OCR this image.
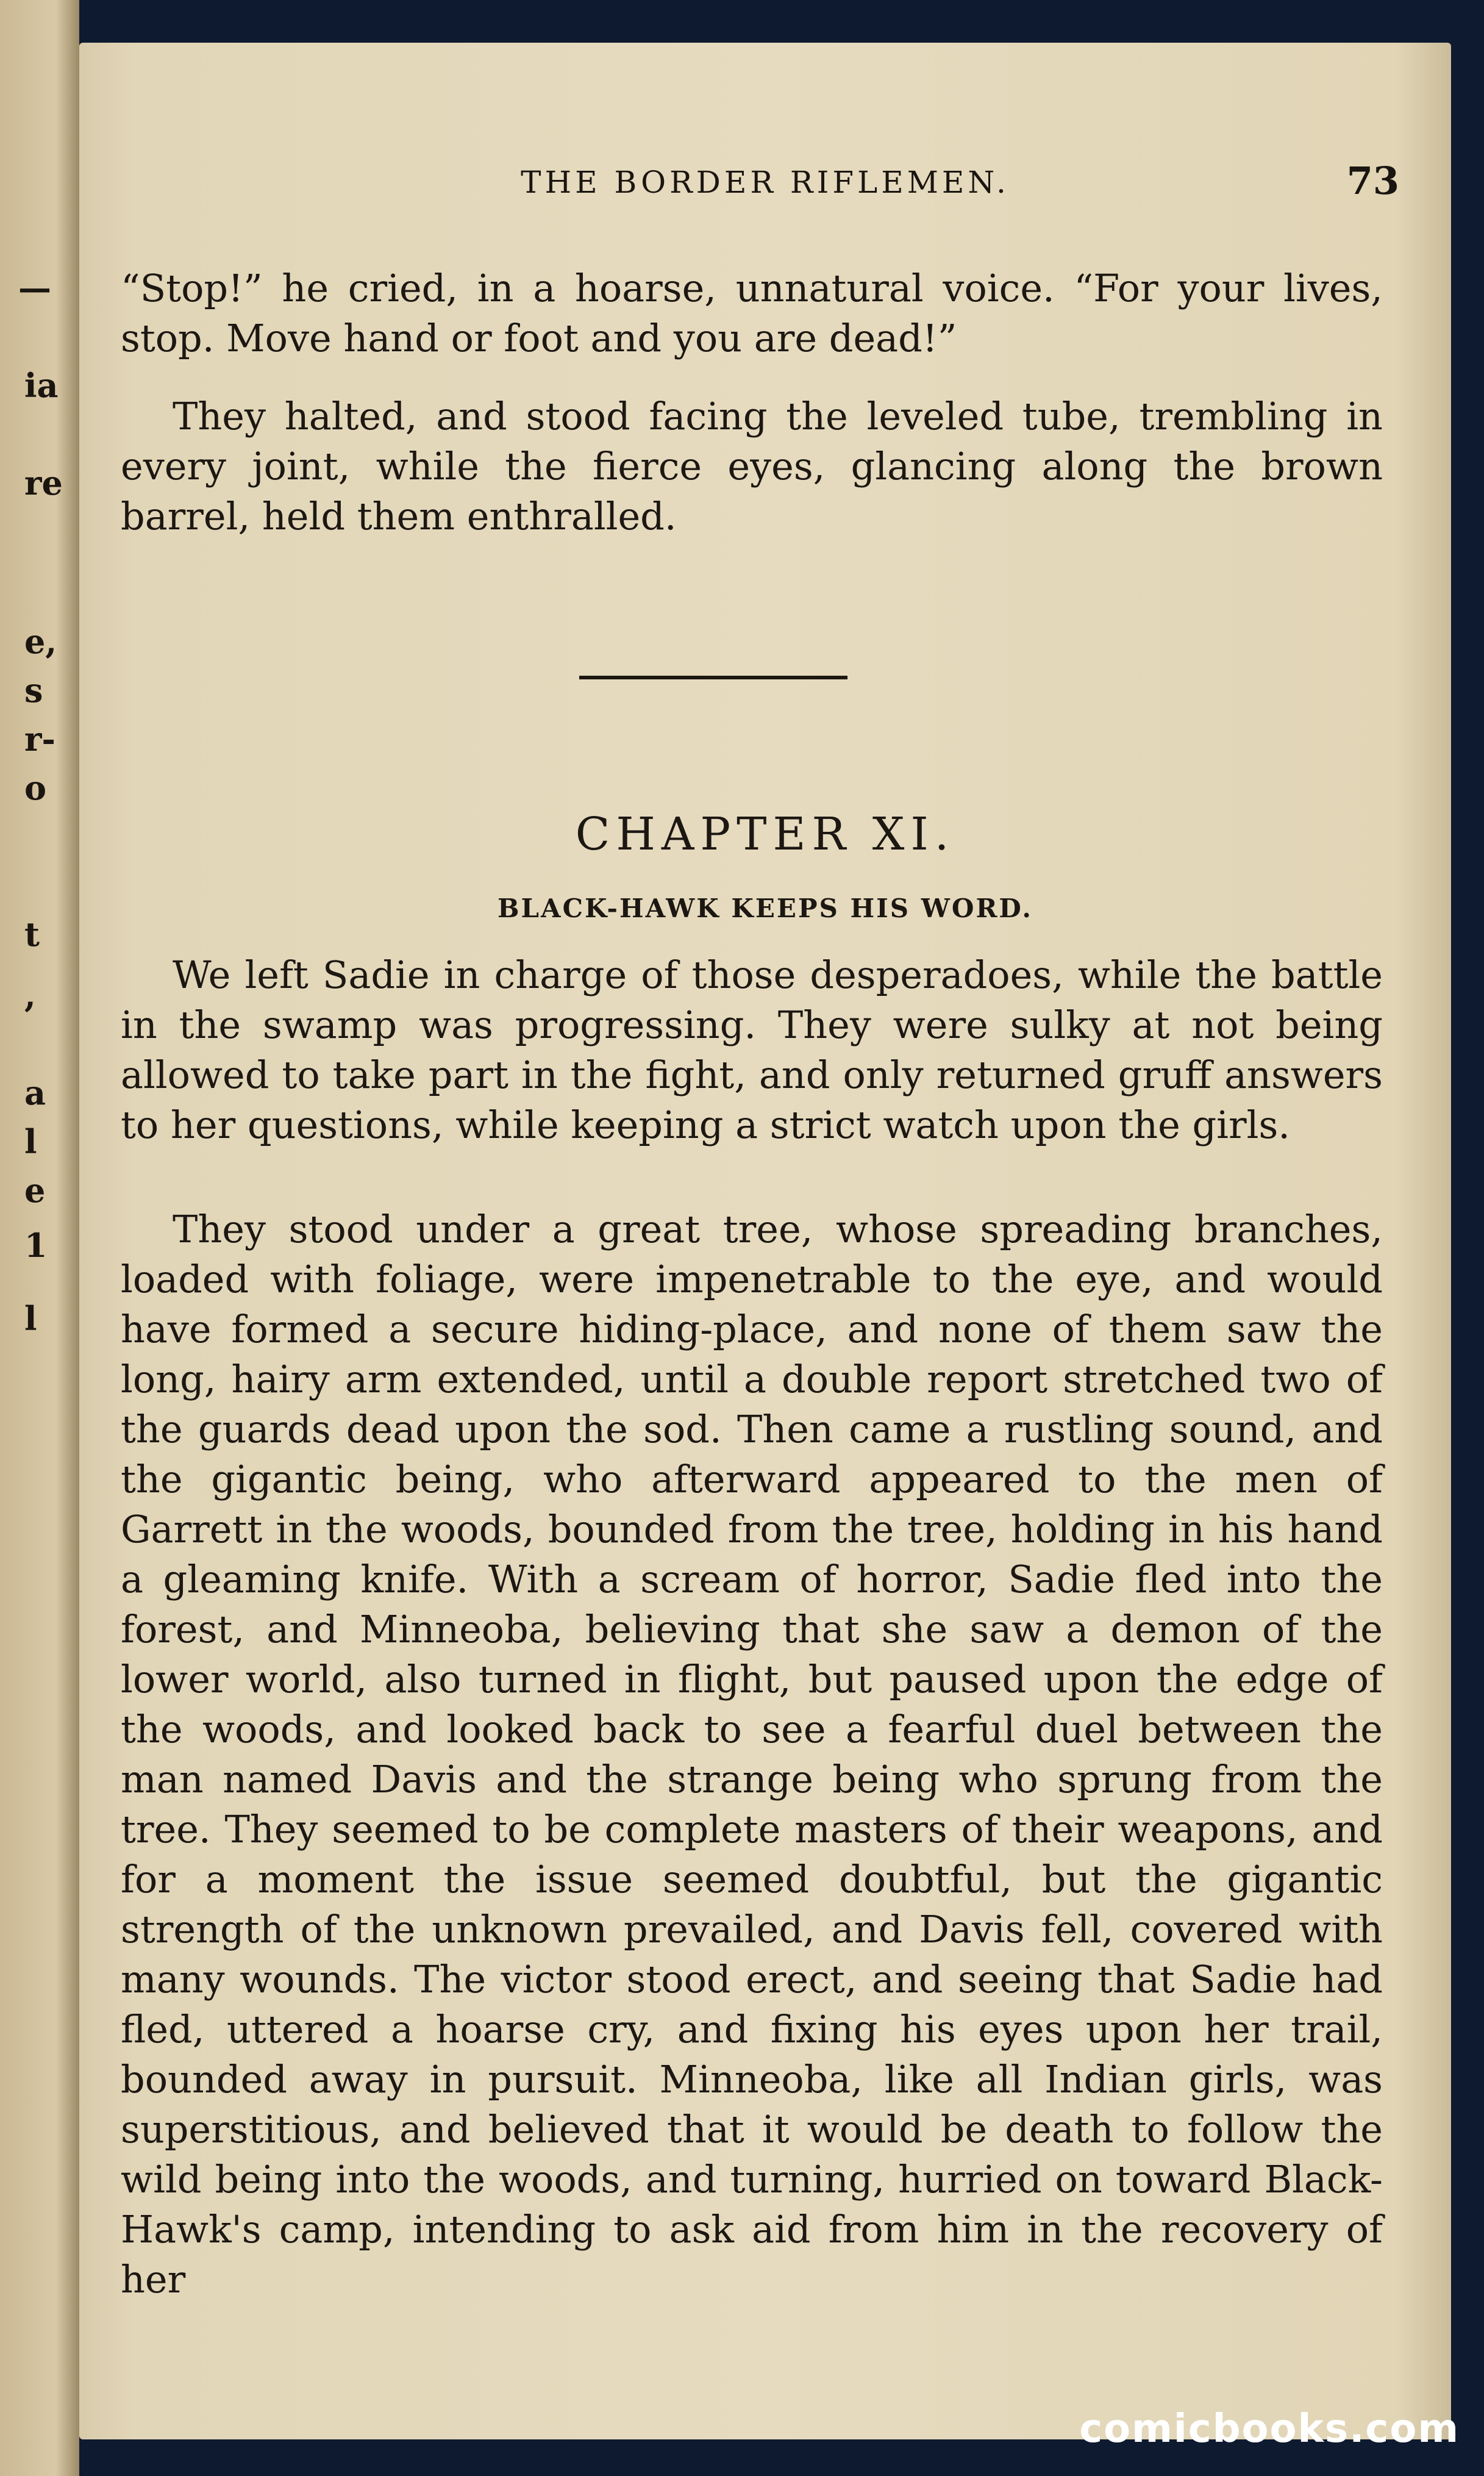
—
ia
re
e,
s
r-
o
t
,
a
l
e
1
l
THE BORDER RIFLEMEN.	73
“Stop!” he cried, in a hoarse, unnatural voice. “For your lives, stop. Move hand or foot and you are dead!”
They halted, and stood facing the leveled tube, trembling in every joint, while the fierce eyes, glancing along the brown barrel, held them enthralled.
CHAPTER XI.
BLACK-HAWK KEEPS HIS WORD.
We left Sadie in charge of those desperadoes, while the battle in the swamp was progressing. They were sulky at not being allowed to take part in the fight, and only returned gruff answers to her questions, while keeping a strict watch upon the girls.
They stood under a great tree, whose spreading branches, loaded with foliage, were impenetrable to the eye, and would have formed a secure hiding-place, and none of them saw the long, hairy arm extended, until a double report stretched two of the guards dead upon the sod. Then came a rustling sound, and the gigantic being, who afterward appeared to the men of Garrett in the woods, bounded from the tree, holding in his hand a gleaming knife. With a scream of horror, Sadie fled into the forest, and Minneoba, believing that she saw a demon of the lower world, also turned in flight, but paused upon the edge of the woods, and looked back to see a fearful duel between the man named Davis and the strange being who sprung from the tree. They seemed to be complete masters of their weapons, and for a moment the issue seemed doubtful, but the gigantic strength of the unknown prevailed, and Davis fell, covered with many wounds. The victor stood erect, and seeing that Sadie had fled, uttered a hoarse cry, and fixing his eyes upon her trail, bounded away in pursuit. Minneoba, like all Indian girls, was superstitious, and believed that it would be death to follow the wild being into the woods, and turning, hurried on toward Black-Hawk's camp, intending to ask aid from him in the recovery of her
comicbooks.com
